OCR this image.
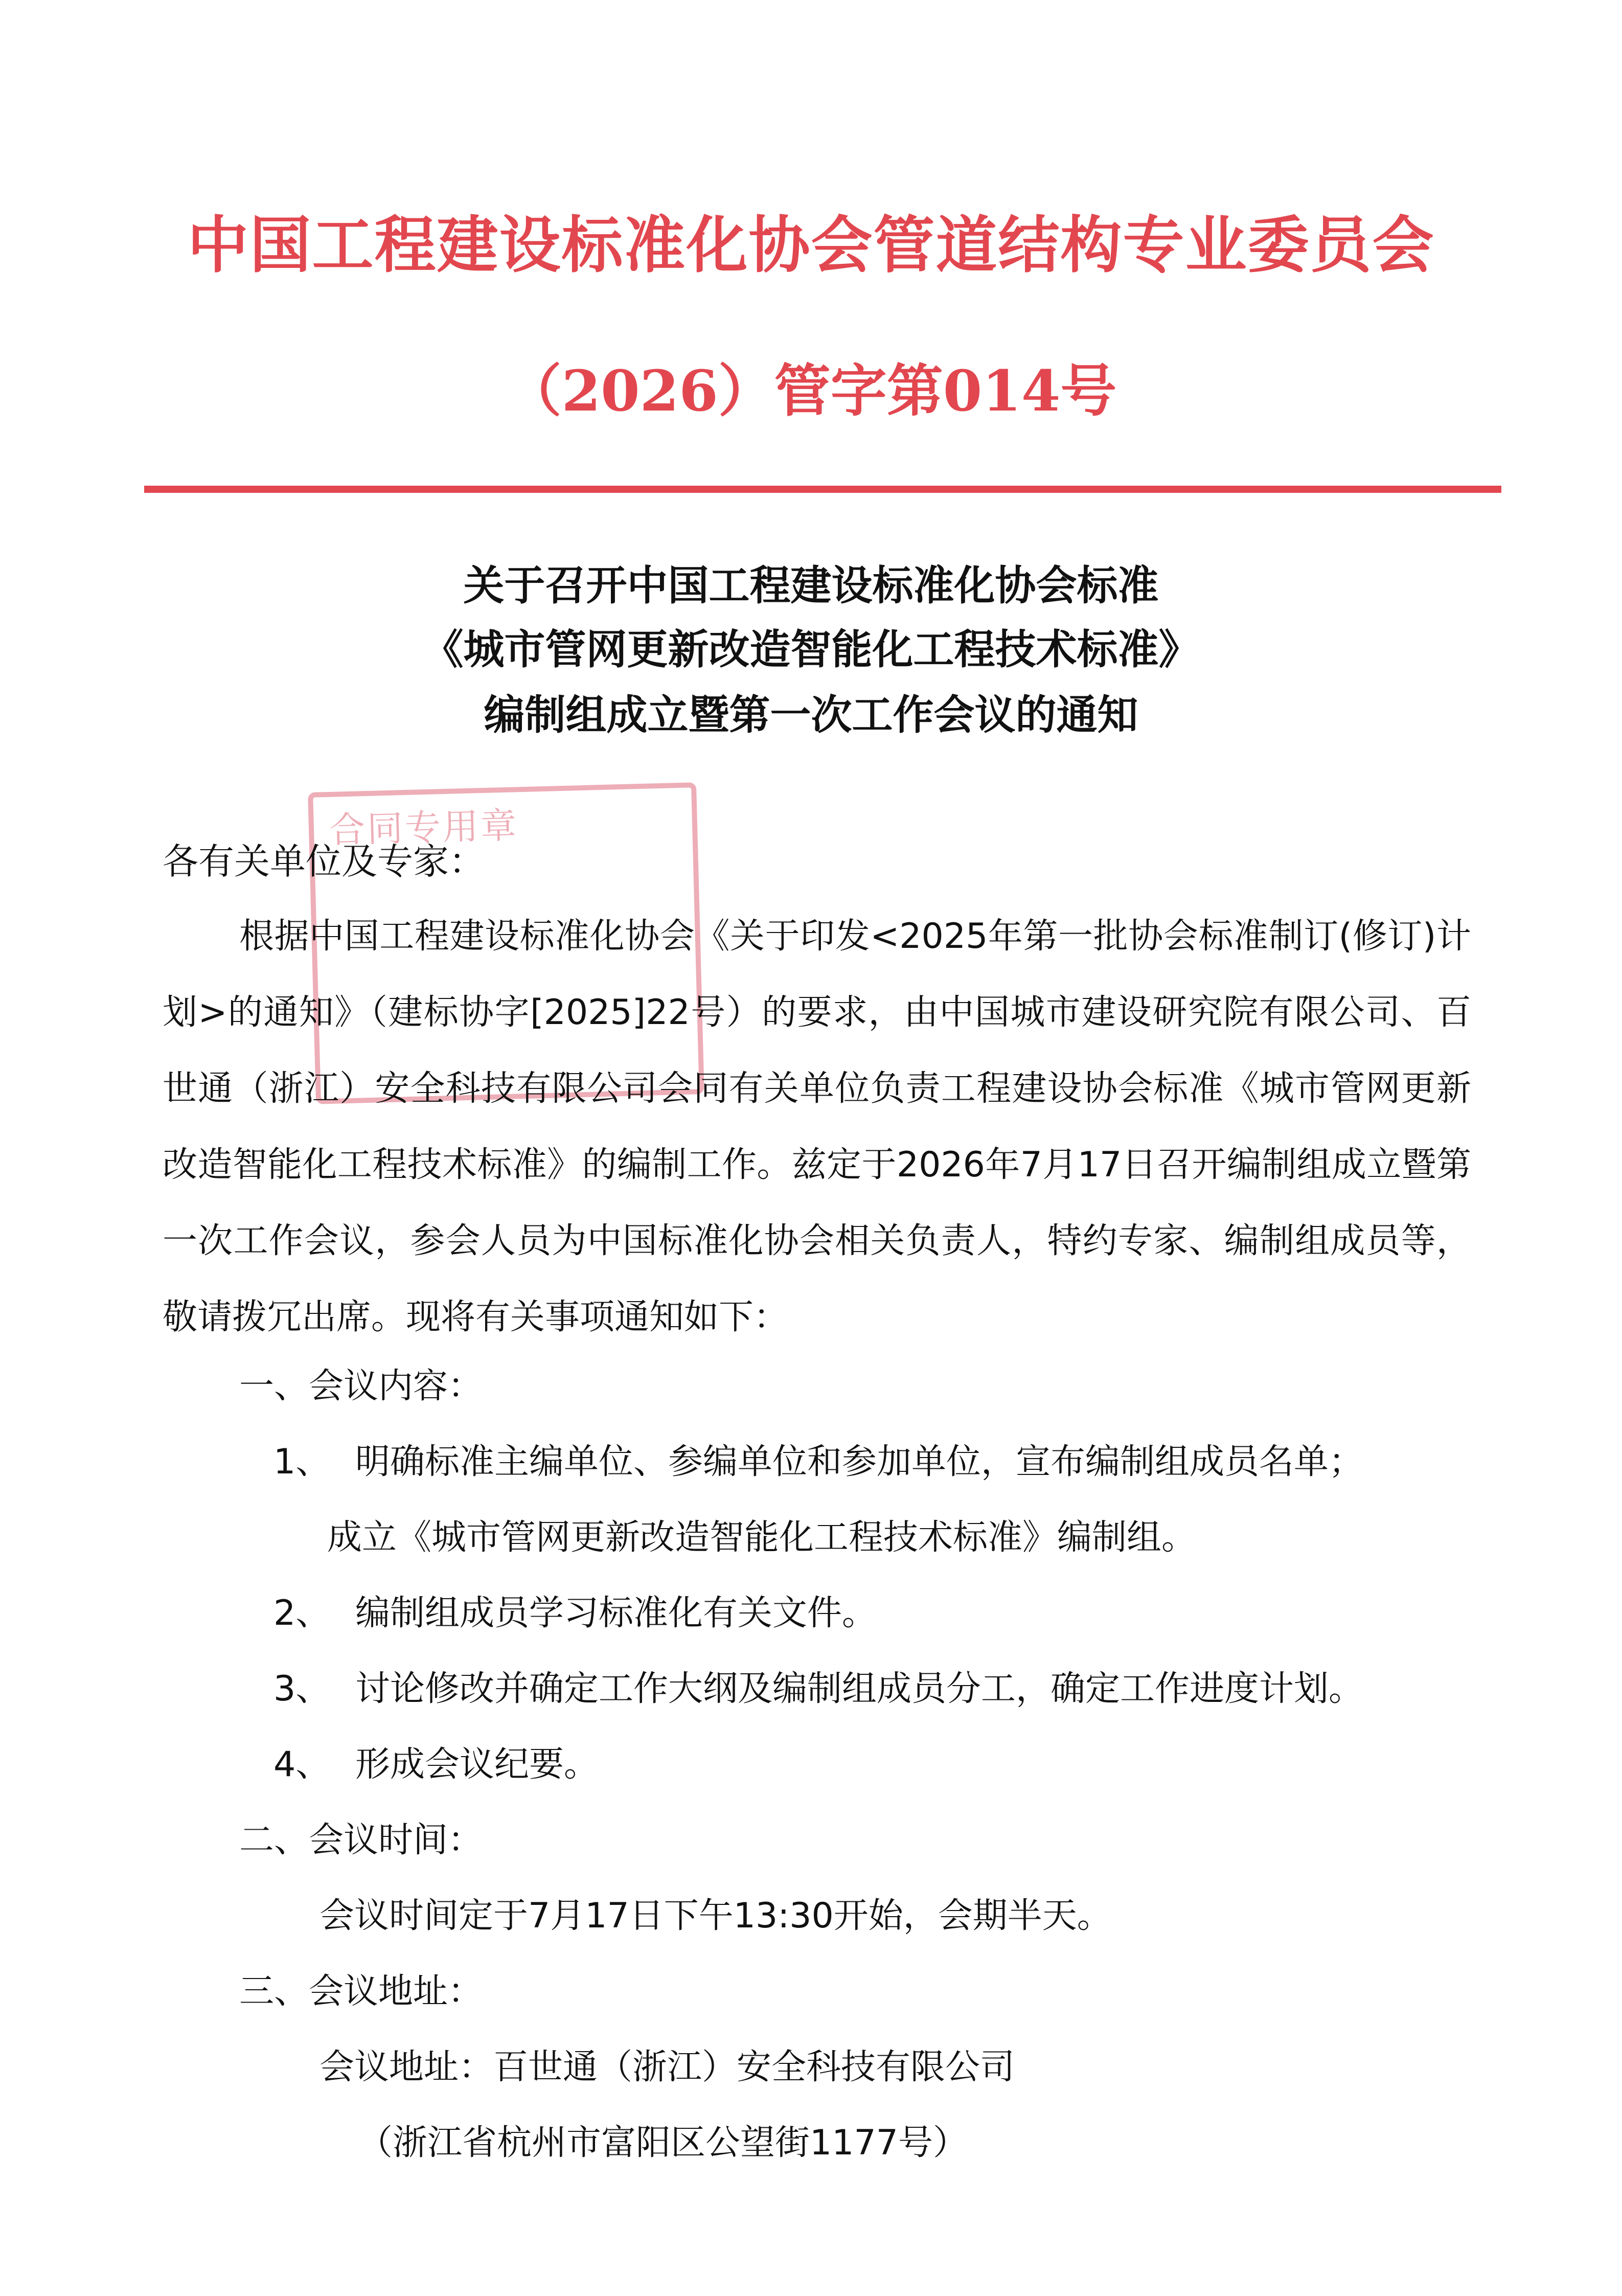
中国工程建设标准化协会管道结构专业委员会
（2026）管字第014号
关于召开中国工程建设标准化协会标准
《城市管网更新改造智能化工程技术标准》
编制组成立暨第一次工作会议的通知
合同专用章
各有关单位及专家：
根据中国工程建设标准化协会《关于印发<2025年第一批协会标准制订(修订)计划>的通知》（建标协字[2025]22号）的要求，由中国城市建设研究院有限公司、百世通（浙江）安全科技有限公司会同有关单位负责工程建设协会标准《城市管网更新改造智能化工程技术标准》的编制工作。兹定于2026年7月17日召开编制组成立暨第一次工作会议，参会人员为中国标准化协会相关负责人，特约专家、编制组成员等，敬请拨冗出席。现将有关事项通知如下：
一、会议内容：
1、 明确标准主编单位、参编单位和参加单位，宣布编制组成员名单；
成立《城市管网更新改造智能化工程技术标准》编制组。
2、 编制组成员学习标准化有关文件。
3、 讨论修改并确定工作大纲及编制组成员分工，确定工作进度计划。
4、 形成会议纪要。
二、会议时间：
会议时间定于7月17日下午13:30开始，会期半天。
三、会议地址：
会议地址：百世通（浙江）安全科技有限公司
（浙江省杭州市富阳区公望街1177号）
